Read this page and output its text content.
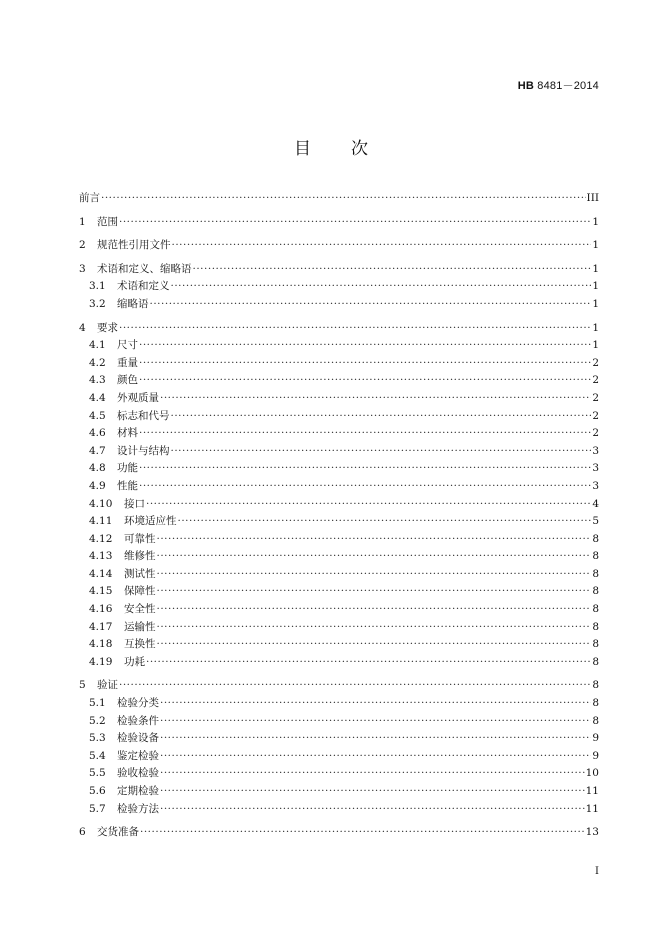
HB 8481－2014
目次
前言 ·····	III
1	范围 ·····	1
2	规范性引用文件 ·····	1
3	术语和定义、缩略语 ·····	1
3.1	术语和定义 ·····	1
3.2	缩略语 ·····	1
4	要求 ·····	1
4.1	尺寸 ·····	1
4.2	重量 ·····	2
4.3	颜色 ·····	2
4.4	外观质量 ·····	2
4.5	标志和代号 ·····	2
4.6	材料 ·····	2
4.7	设计与结构 ·····	3
4.8	功能 ·····	3
4.9	性能 ·····	3
4.10	接口 ·····	4
4.11	环境适应性 ·····	5
4.12	可靠性 ·····	8
4.13	维修性 ·····	8
4.14	测试性 ·····	8
4.15	保障性 ·····	8
4.16	安全性 ·····	8
4.17	运输性 ·····	8
4.18	互换性 ·····	8
4.19	功耗 ·····	8
5	验证 ·····	8
5.1	检验分类 ·····	8
5.2	检验条件 ·····	8
5.3	检验设备 ·····	9
5.4	鉴定检验 ·····	9
5.5	验收检验 ·····	10
5.6	定期检验 ·····	11
5.7	检验方法 ·····	11
6	交货准备 ·····	13
I
